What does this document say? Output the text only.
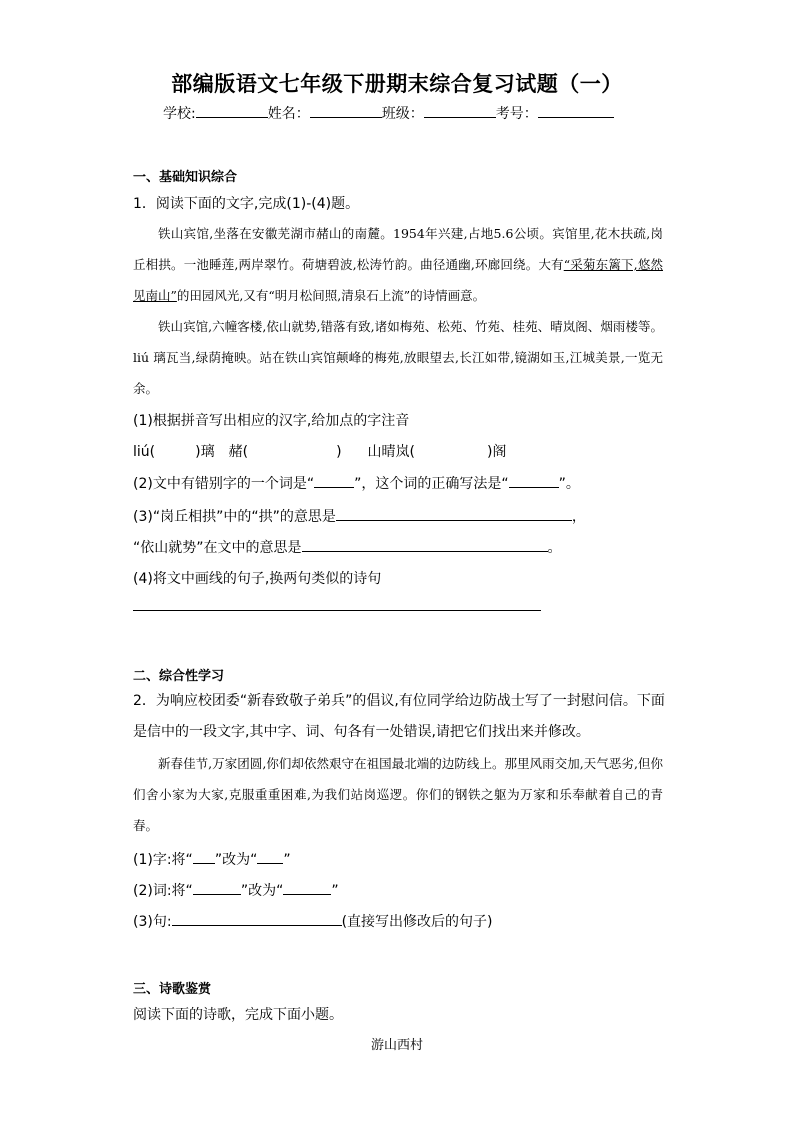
部编版语文七年级下册期末综合复习试题（一）
学校:	姓名：	班级：	考号：
一、基础知识综合
1．阅读下面的文字,完成(1)-(4)题。
铁山宾馆,坐落在安徽芜湖市赭山的南麓。1954年兴建,占地5.6公顷。宾馆里,花木扶疏,岗丘相拱。一池睡莲,两岸翠竹。荷塘碧波,松涛竹韵。曲径通幽,环廊回绕。大有“采菊东篱下,悠然见南山”的田园风光,又有“明月松间照,清泉石上流”的诗情画意。
铁山宾馆,六幢客楼,依山就势,错落有致,诸如梅苑、松苑、竹苑、桂苑、晴岚阁、烟雨楼等。liú 璃瓦当,绿荫掩映。站在铁山宾馆颠峰的梅苑,放眼望去,长江如带,镜湖如玉,江城美景,一览无余。
(1)根据拼音写出相应的汉字,给加点的字注音
liú(	)璃 赭(	) 山晴岚(	)阁
(2)文中有错别字的一个词是“	”，这个词的正确写法是“	”。
(3)“岗丘相拱”中的“拱”的意思是	，
“依山就势”在文中的意思是	。
(4)将文中画线的句子,换两句类似的诗句
二、综合性学习
2．为响应校团委“新春致敬子弟兵”的倡议,有位同学给边防战士写了一封慰问信。下面
是信中的一段文字,其中字、词、句各有一处错误,请把它们找出来并修改。
新春佳节,万家团圆,你们却依然艰守在祖国最北端的边防线上。那里风雨交加,天气恶劣,但你们舍小家为大家,克服重重困难,为我们站岗巡逻。你们的钢铁之躯为万家和乐奉献着自己的青春。
(1)字:将“ ”改为“ ”
(2)词:将“	”改为“	”
(3)句:	(直接写出修改后的句子)
三、诗歌鉴赏
阅读下面的诗歌，完成下面小题。
游山西村
